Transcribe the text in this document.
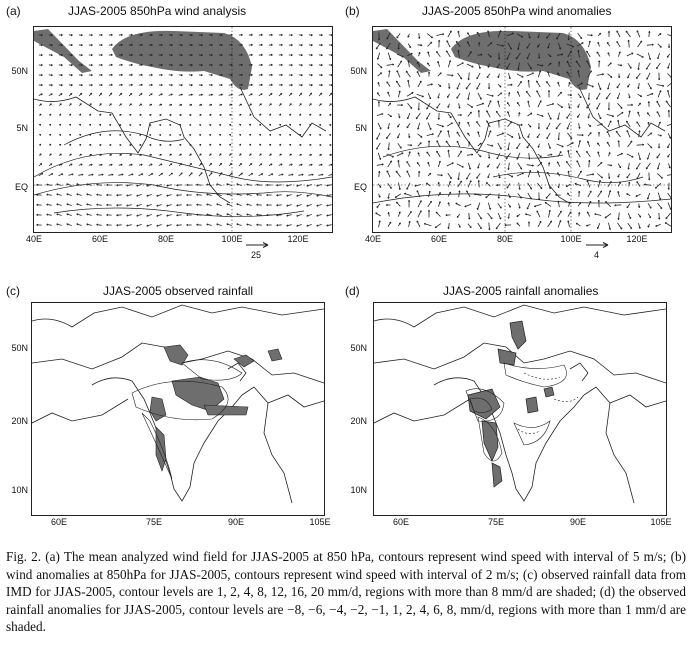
(a)	JJAS-2005 850hPa wind analysis
50N
5N
EQ
40E	60E	80E	100E	120E
25
(b)	JJAS-2005 850hPa wind anomalies
50N
5N
EQ
40E	60E	80E	100E	120E
4
(c)	JJAS-2005 observed rainfall
50N
20N
10N
60E	75E	90E	105E
(d)	JJAS-2005 rainfall anomalies
50N
20N
10N
60E	75E	90E	105E
Fig. 2. (a) The mean analyzed wind field for JJAS-2005 at 850 hPa, contours represent wind speed with interval of 5 m/s; (b) wind anomalies at 850hPa for JJAS-2005, contours represent wind speed with interval of 2 m/s; (c) observed rainfall data from IMD for JJAS-2005, contour levels are 1, 2, 4, 8, 12, 16, 20 mm/d, regions with more than 8 mm/d are shaded; (d) the observed rainfall anomalies for JJAS-2005, contour levels are −8, −6, −4, −2, −1, 1, 2, 4, 6, 8, mm/d, regions with more than 1 mm/d are shaded.
